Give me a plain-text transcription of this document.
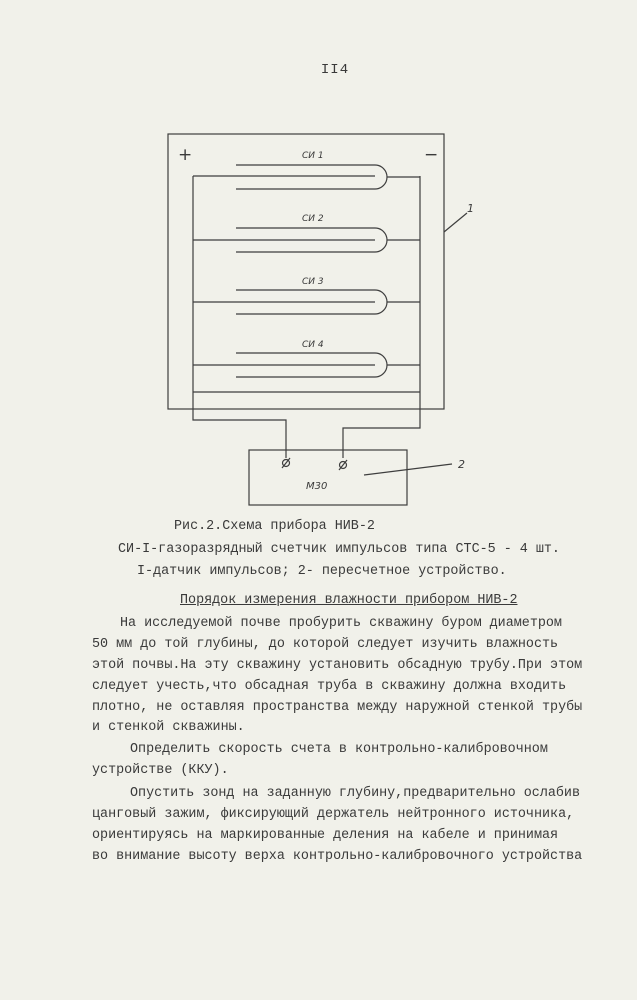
II4
+	−
СИ 1
СИ 2
СИ 3
СИ 4
1
2
М30
Рис.2.Схема прибора НИВ-2
СИ-I-газоразрядный счетчик импульсов типа СТС-5 - 4 шт.
I-датчик импульсов; 2- пересчетное устройство.
Порядок измерения влажности прибором НИВ-2
На исследуемой почве пробурить скважину буром диаметром
50 мм до той глубины, до которой следует изучить влажность
этой почвы.На эту скважину установить обсадную трубу.При этом
следует учесть,что обсадная труба в скважину должна входить
плотно, не оставляя пространства между наружной стенкой трубы
и стенкой скважины.
Определить скорость счета в контрольно-калибровочном
устройстве (ККУ).
Опустить зонд на заданную глубину,предварительно ослабив
цанговый зажим, фиксирующий держатель нейтронного источника,
ориентируясь на маркированные деления на кабеле и принимая
во внимание высоту верха контрольно-калибровочного устройства
